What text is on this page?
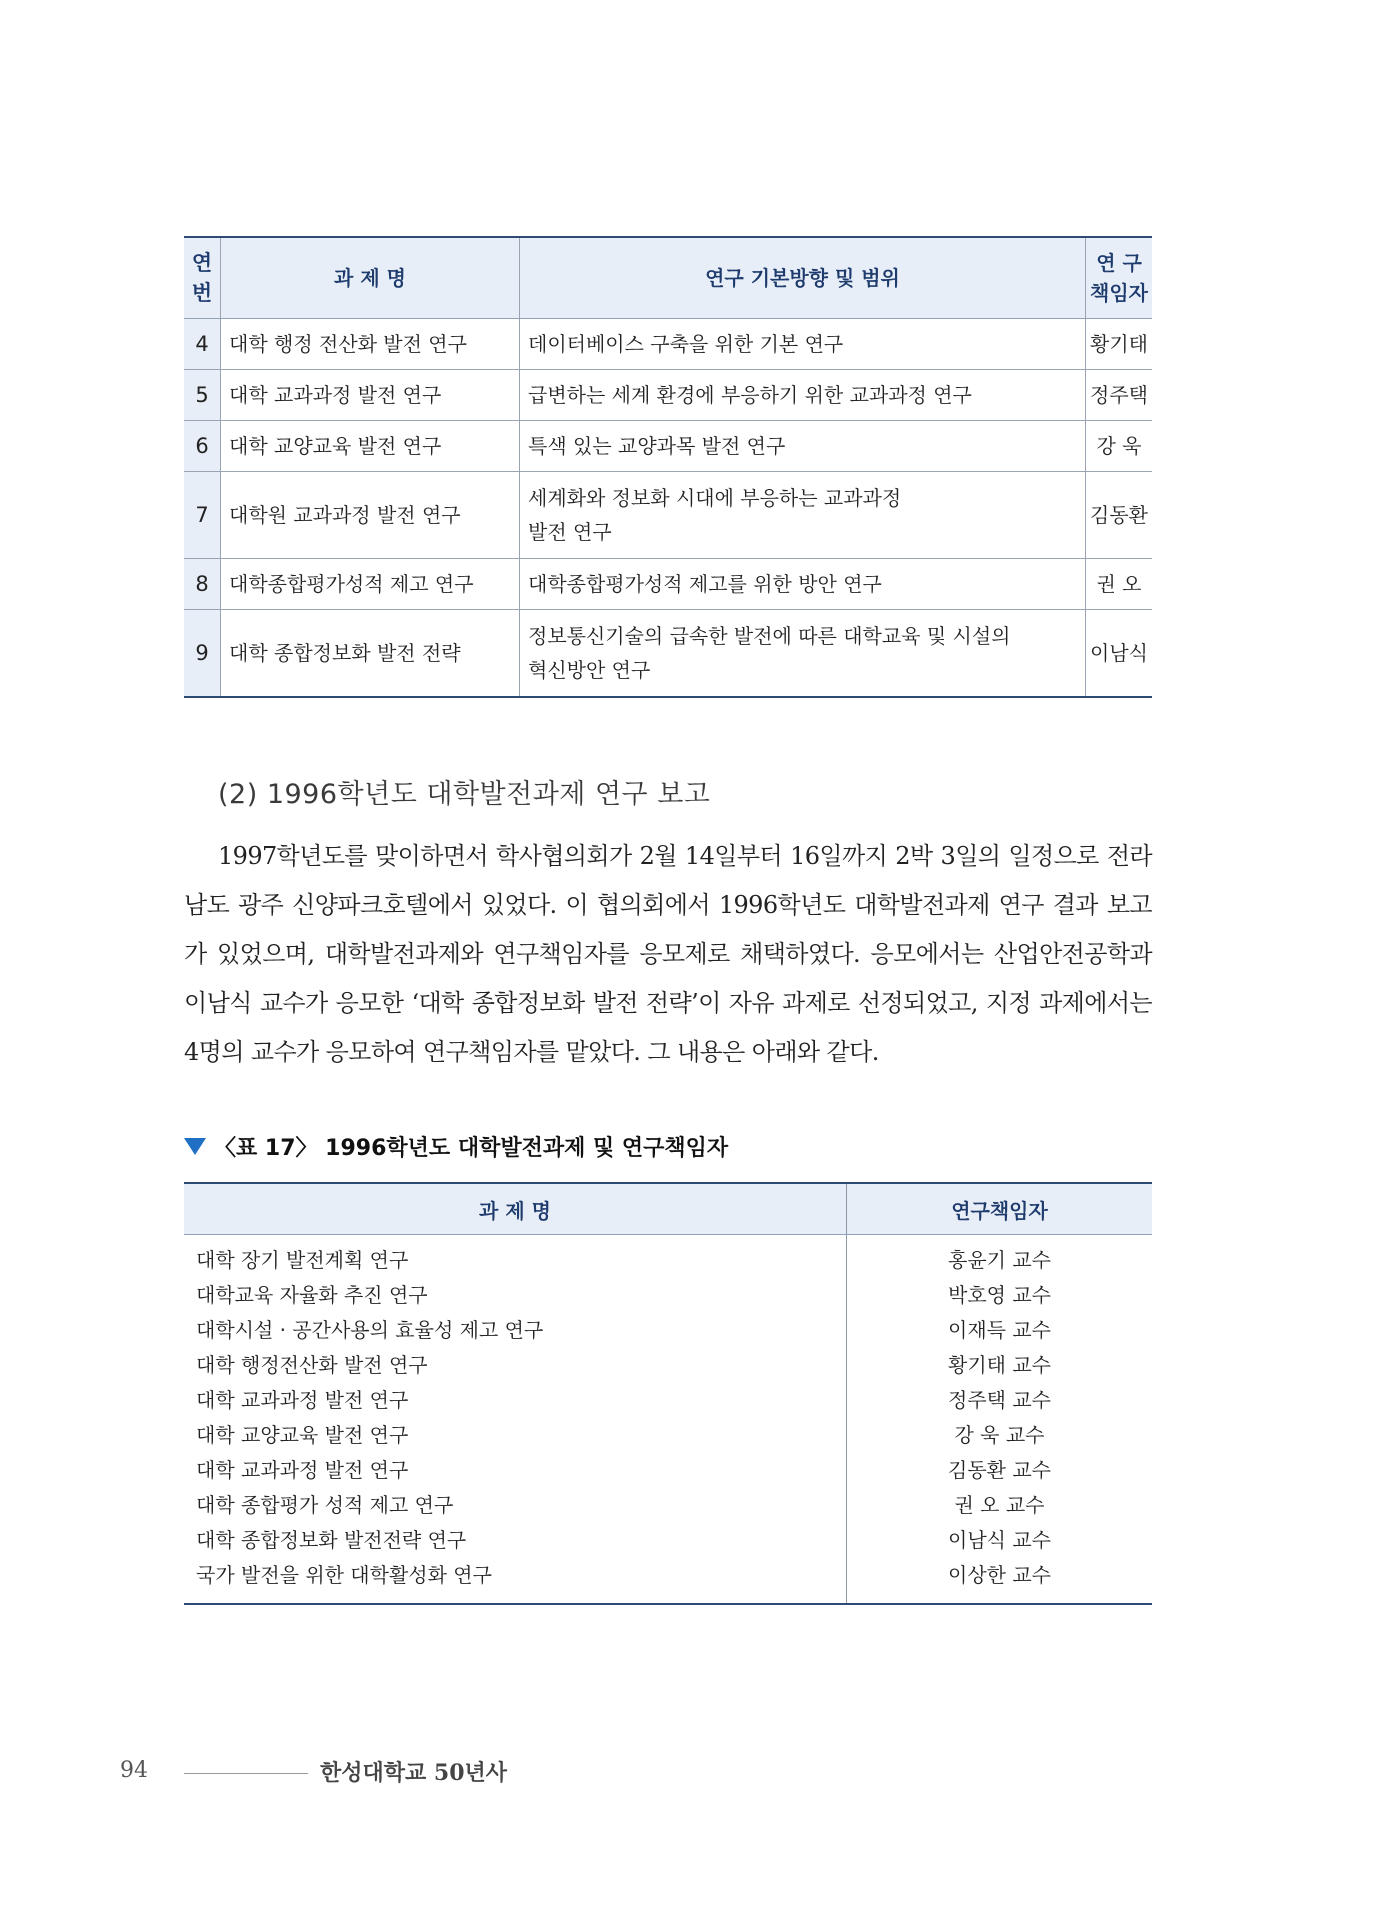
연번	과 제 명	연구 기본방향 및 범위	연 구
책임자

4	대학 행정 전산화 발전 연구	데이터베이스 구축을 위한 기본 연구	황기태
5	대학 교과과정 발전 연구	급변하는 세계 환경에 부응하기 위한 교과과정 연구	정주택
6	대학 교양교육 발전 연구	특색 있는 교양과목 발전 연구	강 욱
7	대학원 교과과정 발전 연구	세계화와 정보화 시대에 부응하는 교과과정
발전 연구	김동환
8	대학종합평가성적 제고 연구	대학종합평가성적 제고를 위한 방안 연구	권 오
9	대학 종합정보화 발전 전략	정보통신기술의 급속한 발전에 따른 대학교육 및 시설의
혁신방안 연구	이남식
(2) 1996학년도 대학발전과제 연구 보고

1997학년도를 맞이하면서 학사협의회가 2월 14일부터 16일까지 2박 3일의 일정으로 전라남도 광주 신양파크호텔에서 있었다. 이 협의회에서 1996학년도 대학발전과제 연구 결과 보고가 있었으며, 대학발전과제와 연구책임자를 응모제로 채택하였다. 응모에서는 산업안전공학과 이남식 교수가 응모한 ‘대학 종합정보화 발전 전략’이 자유 과제로 선정되었고, 지정 과제에서는 4명의 교수가 응모하여 연구책임자를 맡았다. 그 내용은 아래와 같다.

〈표 17〉 1996학년도 대학발전과제 및 연구책임자
과 제 명	연구책임자
대학 장기 발전계획 연구	홍윤기 교수
대학교육 자율화 추진 연구	박호영 교수
대학시설 · 공간사용의 효율성 제고 연구	이재득 교수
대학 행정전산화 발전 연구	황기태 교수
대학 교과과정 발전 연구	정주택 교수
대학 교양교육 발전 연구	강 욱 교수
대학 교과과정 발전 연구	김동환 교수
대학 종합평가 성적 제고 연구	권 오 교수
대학 종합정보화 발전전략 연구	이남식 교수
국가 발전을 위한 대학활성화 연구	이상한 교수
94	한성대학교 50년사
